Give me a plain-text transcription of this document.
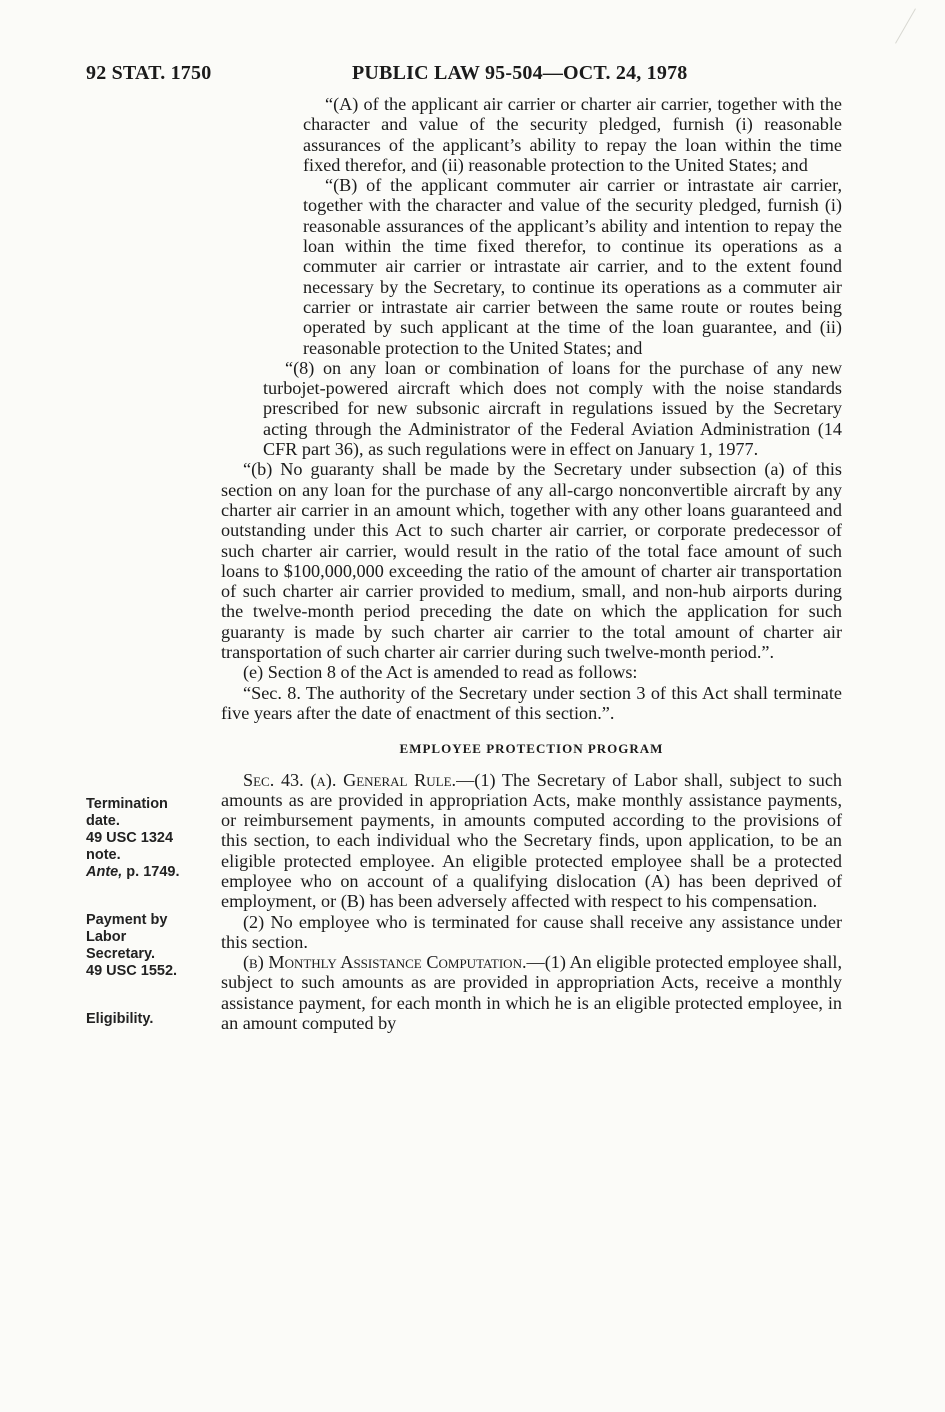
92 STAT. 1750	PUBLIC LAW 95-504—OCT. 24, 1978

“(A) of the applicant air carrier or charter air carrier, together with the character and value of the security pledged, furnish (i) reasonable assurances of the applicant’s ability to repay the loan within the time fixed therefor, and (ii) reasonable protection to the United States; and

“(B) of the applicant commuter air carrier or intrastate air carrier, together with the character and value of the security pledged, furnish (i) reasonable assurances of the applicant’s ability and intention to repay the loan within the time fixed therefor, to continue its operations as a commuter air carrier or intrastate air carrier, and to the extent found necessary by the Secretary, to continue its operations as a commuter air carrier or intrastate air carrier between the same route or routes being operated by such applicant at the time of the loan guarantee, and (ii) reasonable protection to the United States; and

“(8) on any loan or combination of loans for the purchase of any new turbojet-powered aircraft which does not comply with the noise standards prescribed for new subsonic aircraft in regulations issued by the Secretary acting through the Administrator of the Federal Aviation Administration (14 CFR part 36), as such regulations were in effect on January 1, 1977.

“(b) No guaranty shall be made by the Secretary under subsection (a) of this section on any loan for the purchase of any all-cargo nonconvertible aircraft by any charter air carrier in an amount which, together with any other loans guaranteed and outstanding under this Act to such charter air carrier, or corporate predecessor of such charter air carrier, would result in the ratio of the total face amount of such loans to $100,000,000 exceeding the ratio of the amount of charter air transportation of such charter air carrier provided to medium, small, and non-hub airports during the twelve-month period preceding the date on which the application for such guaranty is made by such charter air carrier to the total amount of charter air transportation of such charter air carrier during such twelve-month period.”.

(e) Section 8 of the Act is amended to read as follows:

“Sec. 8. The authority of the Secretary under section 3 of this Act shall terminate five years after the date of enactment of this section.”.

EMPLOYEE PROTECTION PROGRAM

Sec. 43. (a). General Rule.—(1) The Secretary of Labor shall, subject to such amounts as are provided in appropriation Acts, make monthly assistance payments, or reimbursement payments, in amounts computed according to the provisions of this section, to each individual who the Secretary finds, upon application, to be an eligible protected employee. An eligible protected employee shall be a protected employee who on account of a qualifying dislocation (A) has been deprived of employment, or (B) has been adversely affected with respect to his compensation.

(2) No employee who is terminated for cause shall receive any assistance under this section.

(b) Monthly Assistance Computation.—(1) An eligible protected employee shall, subject to such amounts as are provided in appropriation Acts, receive a monthly assistance payment, for each month in which he is an eligible protected employee, in an amount computed by

Termination
date.
49 USC 1324
note.
Ante, p. 1749.
Payment by
Labor
Secretary.
49 USC 1552.
Eligibility.
